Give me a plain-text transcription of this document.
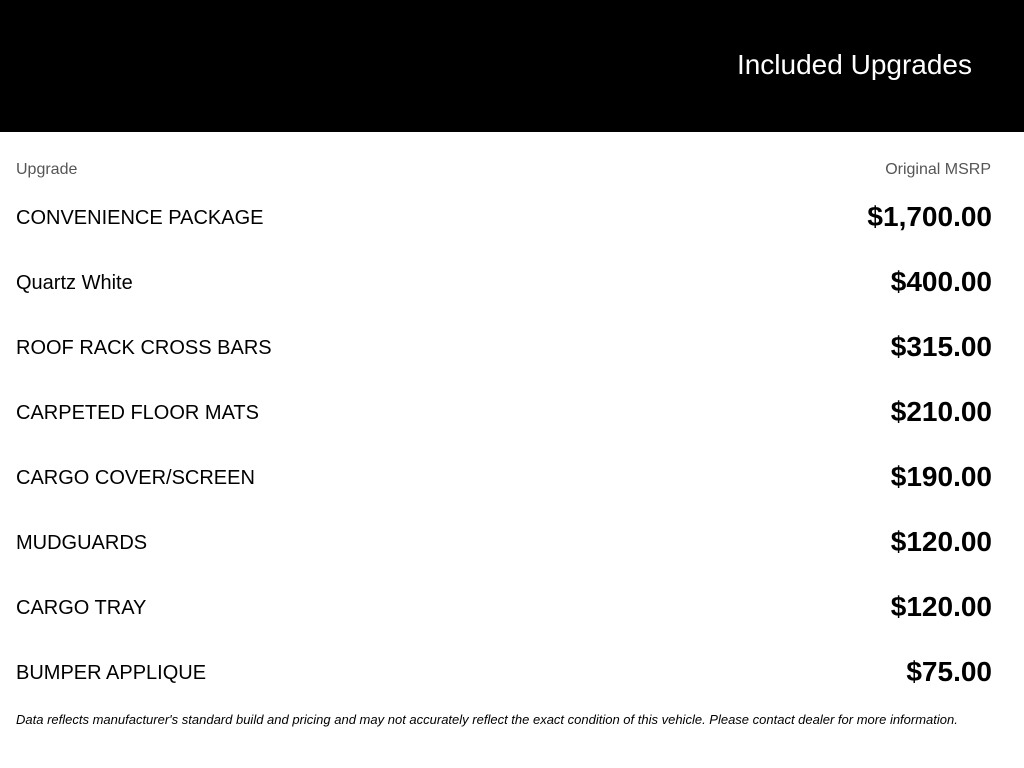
Included Upgrades
Upgrade	Original MSRP
CONVENIENCE PACKAGE	$1,700.00
Quartz White	$400.00
ROOF RACK CROSS BARS	$315.00
CARPETED FLOOR MATS	$210.00
CARGO COVER/SCREEN	$190.00
MUDGUARDS	$120.00
CARGO TRAY	$120.00
BUMPER APPLIQUE	$75.00
Data reflects manufacturer's standard build and pricing and may not accurately reflect the exact condition of this vehicle. Please contact dealer for more information.
